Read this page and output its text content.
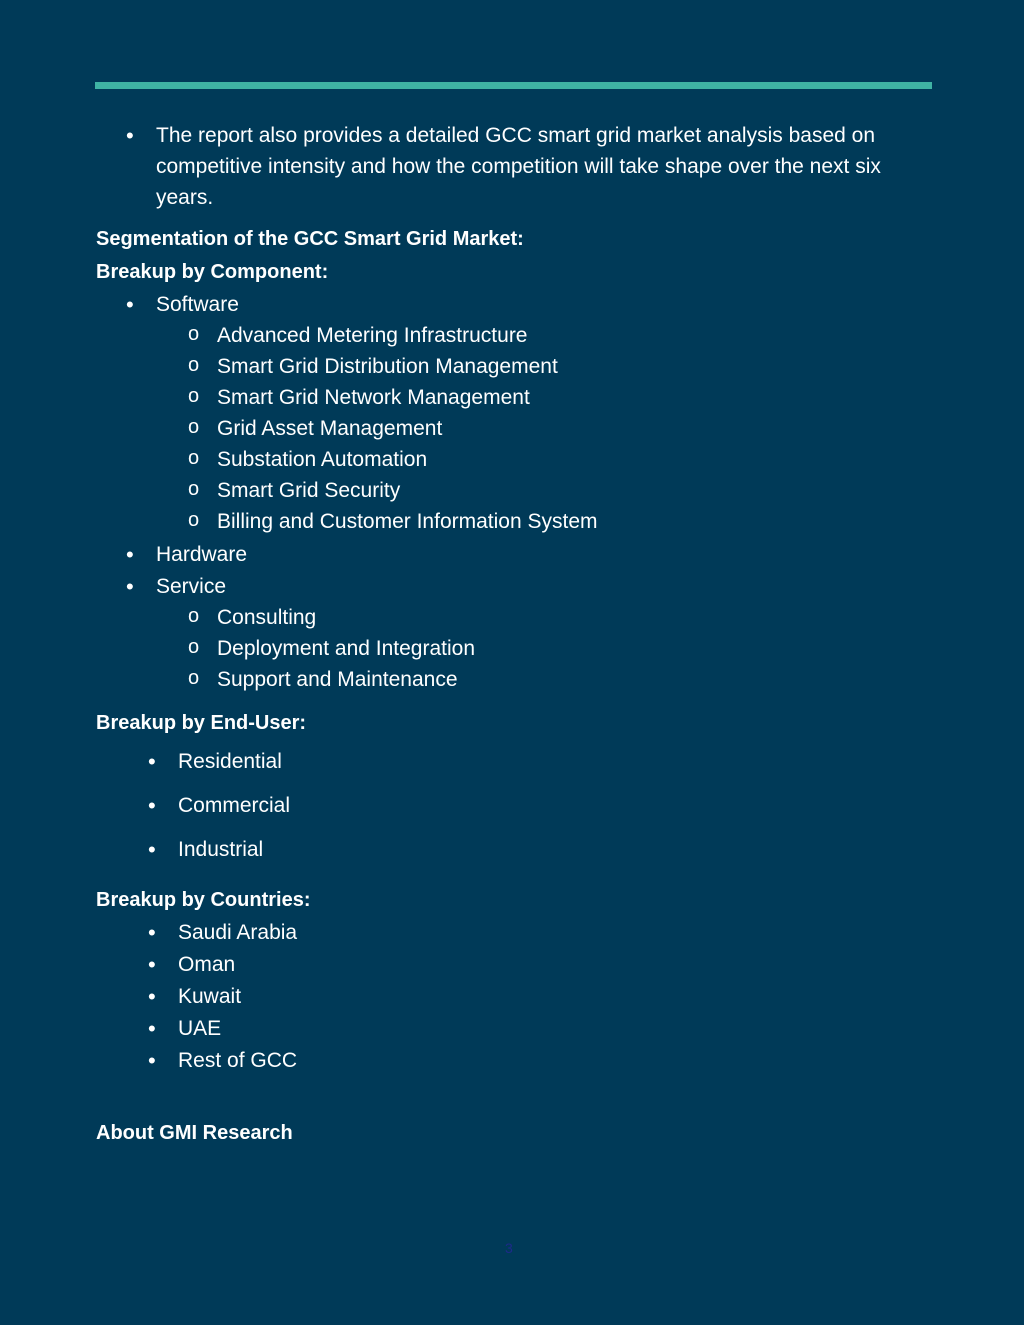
• The report also provides a detailed GCC smart grid market analysis based on competitive intensity and how the competition will take shape over the next six years.
Segmentation of the GCC Smart Grid Market:
Breakup by Component:
• Software
o Advanced Metering Infrastructure
o Smart Grid Distribution Management
o Smart Grid Network Management
o Grid Asset Management
o Substation Automation
o Smart Grid Security
o Billing and Customer Information System
• Hardware
• Service
o Consulting
o Deployment and Integration
o Support and Maintenance
Breakup by End-User:
• Residential
• Commercial
• Industrial
Breakup by Countries:
• Saudi Arabia
• Oman
• Kuwait
• UAE
• Rest of GCC
About GMI Research
3
